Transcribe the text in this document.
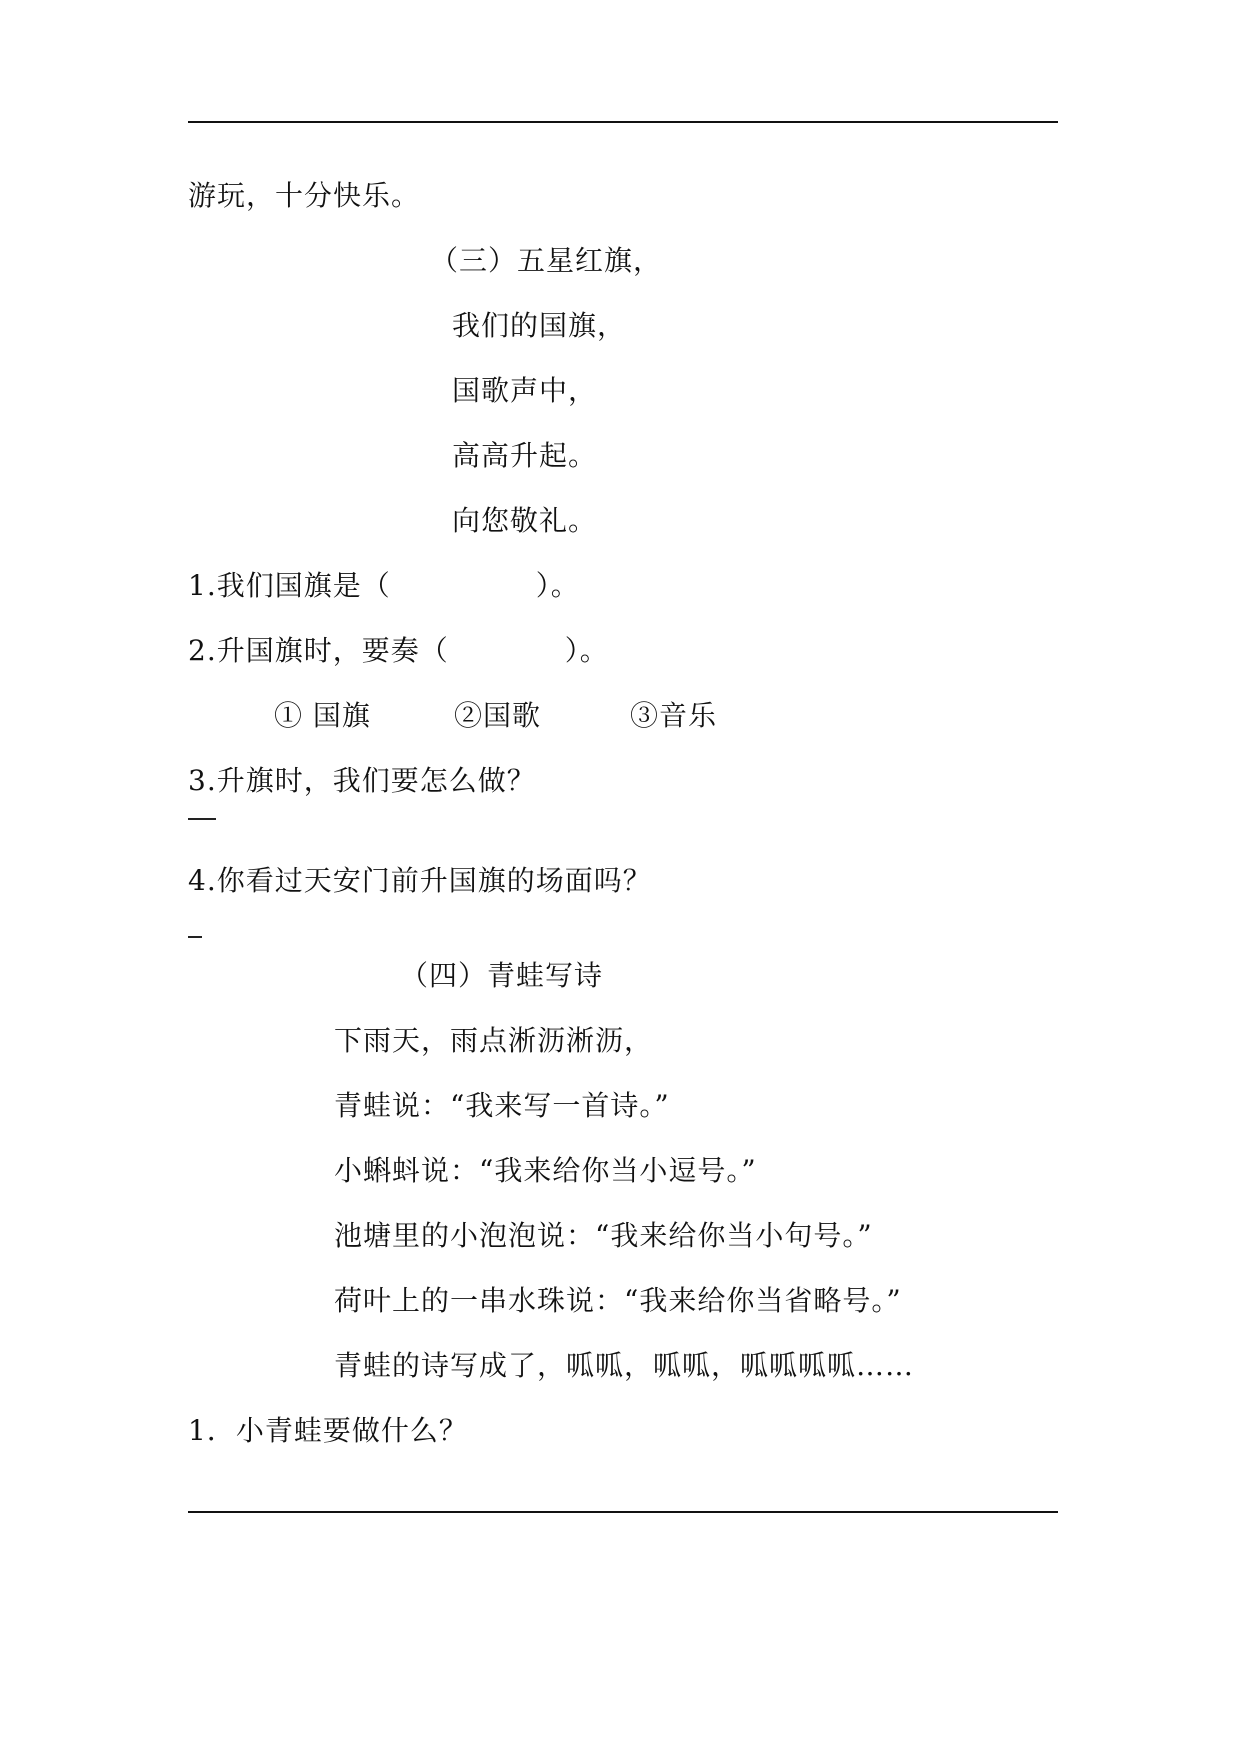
游玩，十分快乐。
（三）五星红旗，
我们的国旗，
国歌声中，
高高升起。
向您敬礼。
1.我们国旗是（　　　　　）。
2.升国旗时，要奏（　　　　）。
① 国旗	②国歌	③音乐
3.升旗时，我们要怎么做？
4.你看过天安门前升国旗的场面吗？
（四）青蛙写诗
下雨天，雨点淅沥淅沥，
青蛙说：“我来写一首诗。”
小蝌蚪说：“我来给你当小逗号。”
池塘里的小泡泡说：“我来给你当小句号。”
荷叶上的一串水珠说：“我来给你当省略号。”
青蛙的诗写成了，呱呱，呱呱，呱呱呱呱……
1．小青蛙要做什么？
